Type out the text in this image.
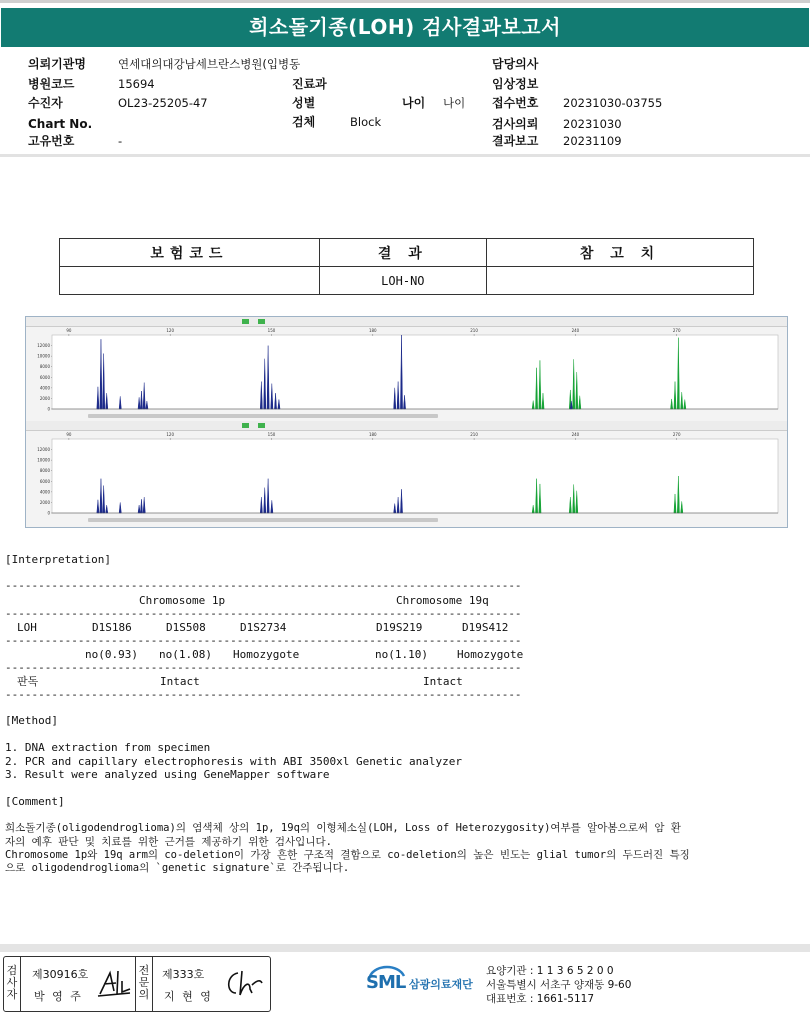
희소돌기종(LOH) 검사결과보고서
의뢰기관명	연세대의대강남세브란스병원(입병동
병원코드	15694
수진자	OL23-25205-47
Chart No.
고유번호	-
진료과
성별	나이 나이
검체	Block
담당의사
임상정보
접수번호 20231030-03755
검사의뢰 20231030
결과보고 20231109
보험코드	결 과	참 고 치
	LOH-NO	
12000
10000
8000
6000
4000
2000
0
90	120	150	180	210	240	270
12000
10000
8000
6000
4000
2000
0
90	120	150	180	210	240	270
[Interpretation]
------------------------------------------------------------------------------
Chromosome 1p	Chromosome 19q
------------------------------------------------------------------------------
LOH	D1S186	D1S508	D1S2734	D19S219	D19S412
------------------------------------------------------------------------------
no(0.93) no(1.08) Homozygote	no(1.10)	Homozygote
------------------------------------------------------------------------------
판독	Intact	Intact
------------------------------------------------------------------------------
[Method]
1. DNA extraction from specimen
2. PCR and capillary electrophoresis with ABI 3500xl Genetic analyzer
3. Result were analyzed using GeneMapper software
[Comment]
희소돌기종(oligodendroglioma)의 염색체 상의 1p, 19q의 이형체소실(LOH, Loss of Heterozygosity)여부를 알아봄으로써 암 환
자의 예후 판단 및 치료를 위한 근거를 제공하기 위한 검사입니다.
Chromosome 1p와 19q arm의 co-deletion이 가장 흔한 구조적 결함으로 co-deletion의 높은 빈도는 glial tumor의 두드러진 특징
으로 oligodendroglioma의 `genetic signature`로 간주됩니다.
검
사
자
제30916호
박 영 주
전
문
의
제333호
지 현 영
SML 삼광의료재단
요양기관 : 1 1 3 6 5 2 0 0
서울특별시 서초구 양재동 9-60
대표번호 : 1661-5117
